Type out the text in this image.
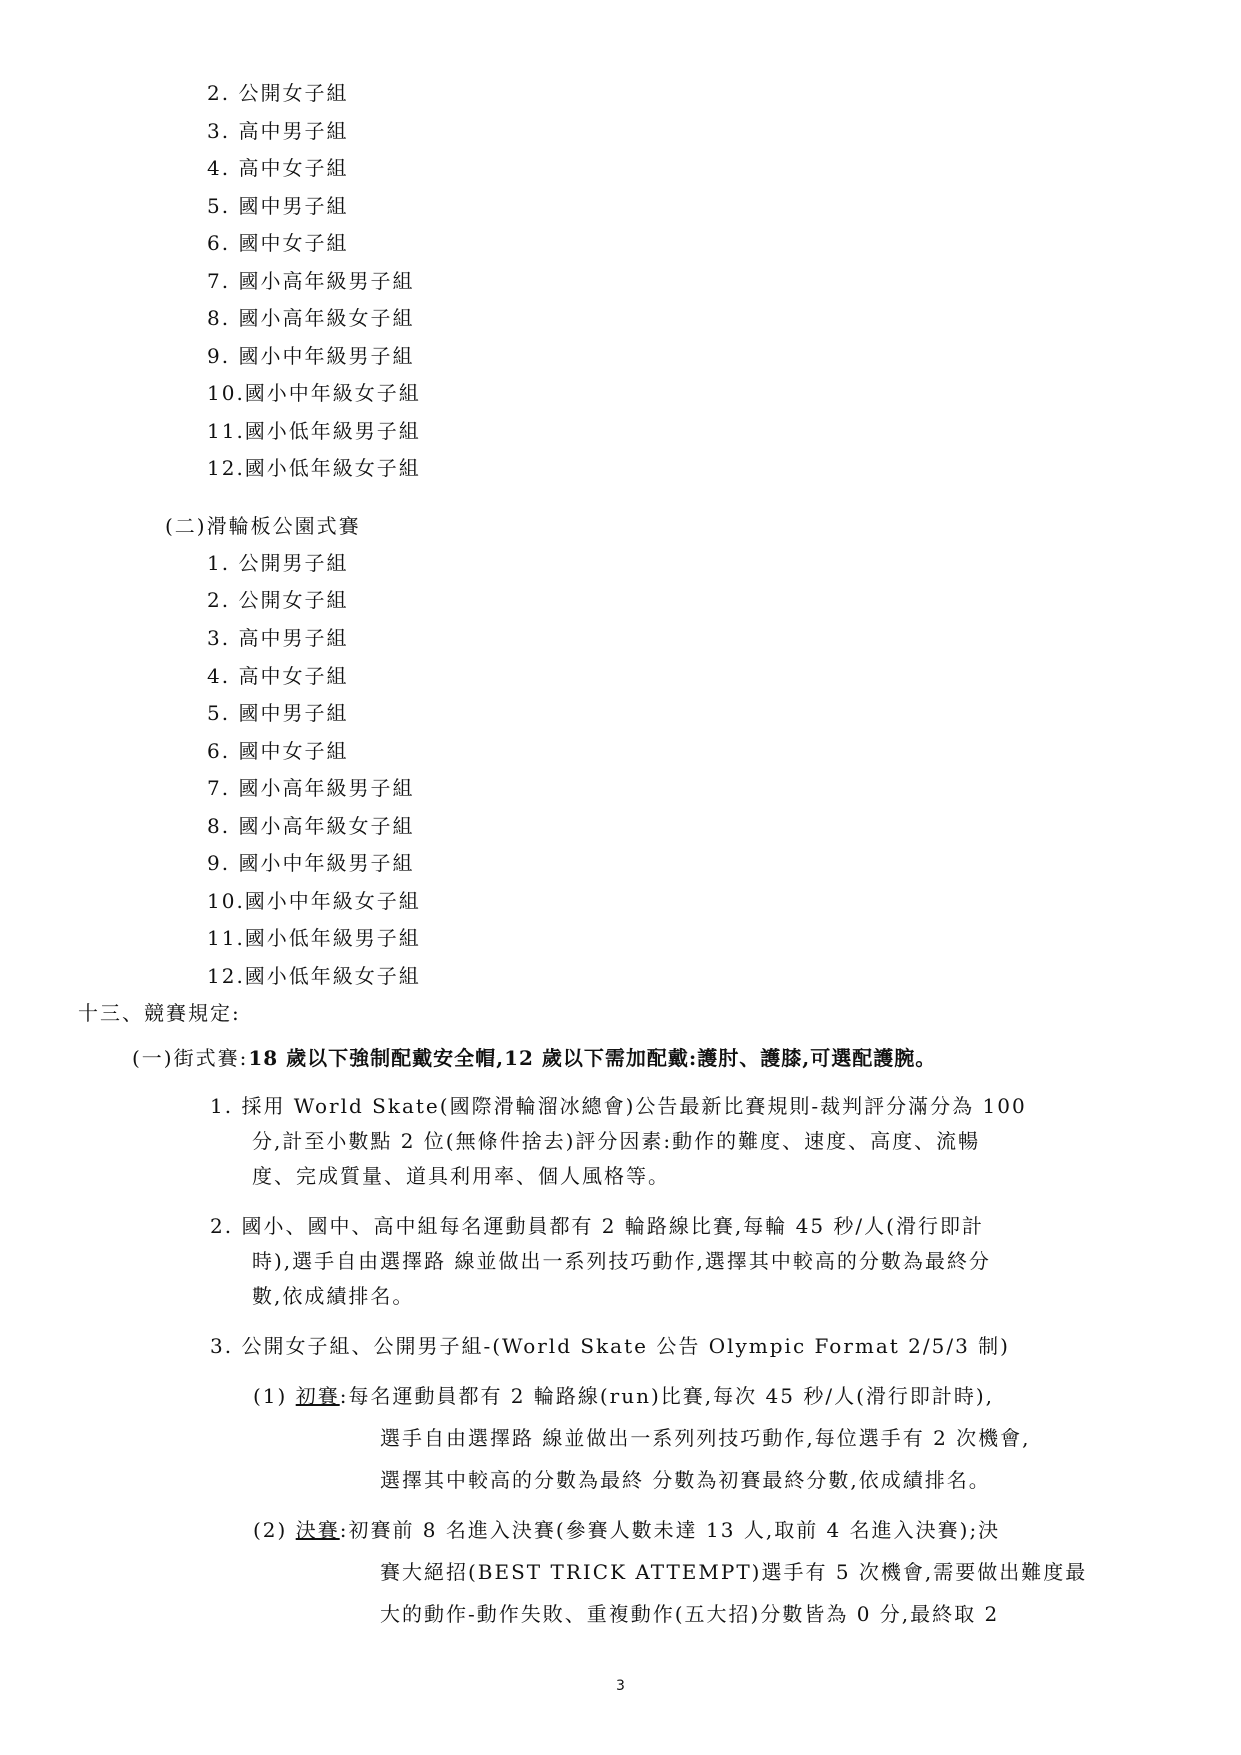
2. 公開女子組
3. 高中男子組
4. 高中女子組
5. 國中男子組
6. 國中女子組
7. 國小高年級男子組
8. 國小高年級女子組
9. 國小中年級男子組
10.國小中年級女子組
11.國小低年級男子組
12.國小低年級女子組
(二)滑輪板公園式賽
1. 公開男子組
2. 公開女子組
3. 高中男子組
4. 高中女子組
5. 國中男子組
6. 國中女子組
7. 國小高年級男子組
8. 國小高年級女子組
9. 國小中年級男子組
10.國小中年級女子組
11.國小低年級男子組
12.國小低年級女子組
十三、競賽規定:
(一)街式賽:18 歲以下強制配戴安全帽,12 歲以下需加配戴:護肘、護膝,可選配護腕。
1. 採用 World Skate(國際滑輪溜冰總會)公告最新比賽規則-裁判評分滿分為 100
分,計至小數點 2 位(無條件捨去)評分因素:動作的難度、速度、高度、流暢
度、完成質量、道具利用率、個人風格等。
2. 國小、國中、高中組每名運動員都有 2 輪路線比賽,每輪 45 秒/人(滑行即計
時),選手自由選擇路 線並做出一系列技巧動作,選擇其中較高的分數為最終分
數,依成績排名。
3. 公開女子組、公開男子組-(World Skate 公告 Olympic Format 2/5/3 制)
(1) 初賽:每名運動員都有 2 輪路線(run)比賽,每次 45 秒/人(滑行即計時),
選手自由選擇路 線並做出一系列列技巧動作,每位選手有 2 次機會,
選擇其中較高的分數為最終 分數為初賽最終分數,依成績排名。
(2) 決賽:初賽前 8 名進入決賽(參賽人數未達 13 人,取前 4 名進入決賽);決
賽大絕招(BEST TRICK ATTEMPT)選手有 5 次機會,需要做出難度最
大的動作-動作失敗、重複動作(五大招)分數皆為 0 分,最終取 2
3
